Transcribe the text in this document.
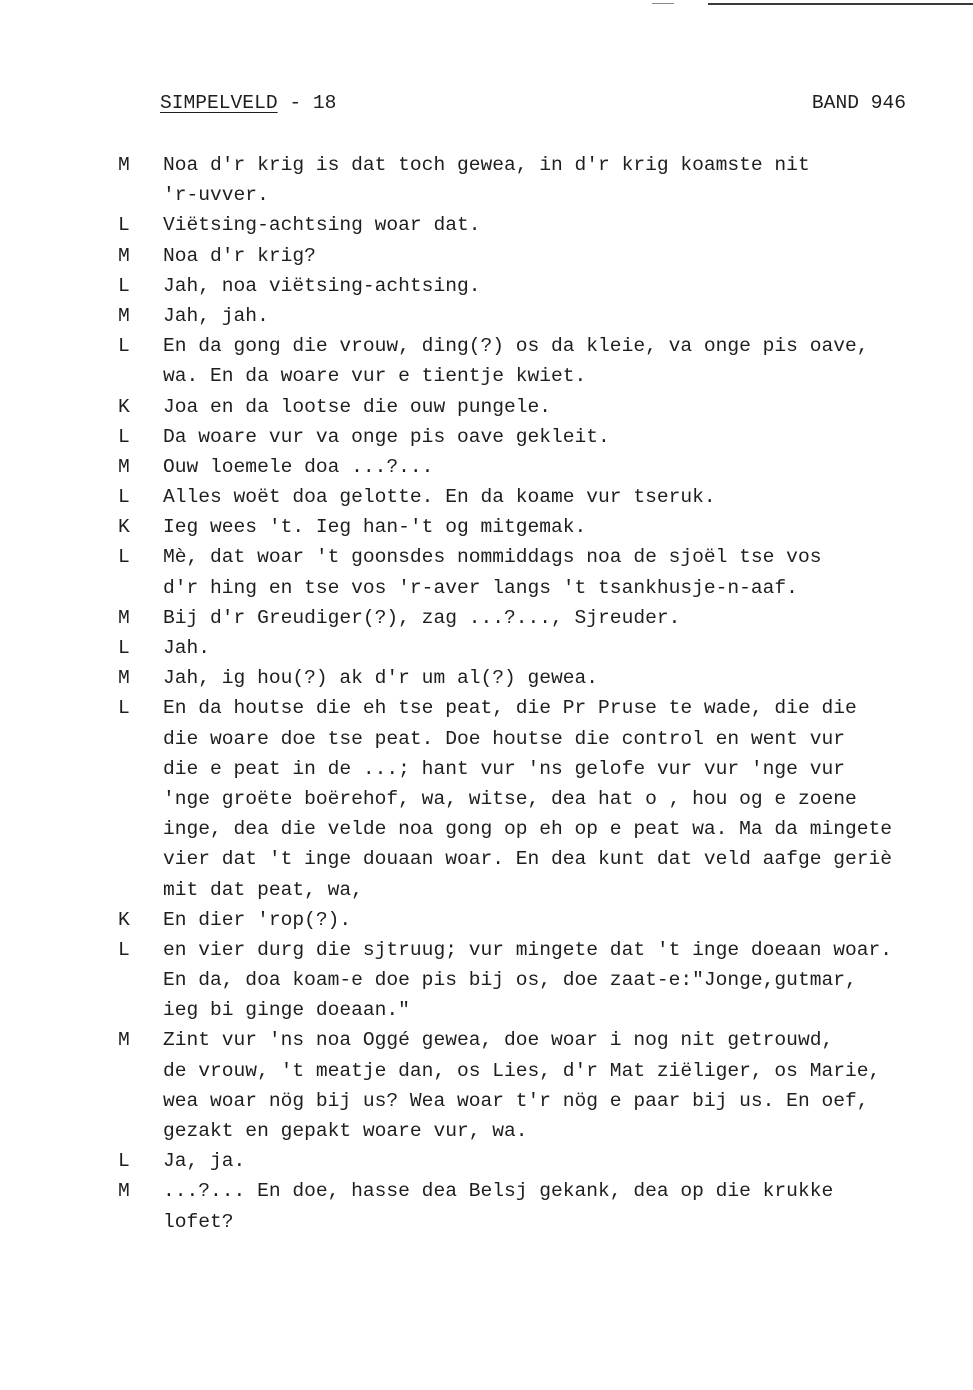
SIMPELVELD - 18	BAND 946
M	Noa d'r krig is dat toch gewea, in d'r krig koamste nit
'r-uvver.
L	Viëtsing-achtsing woar dat.
M	Noa d'r krig?
L	Jah, noa viëtsing-achtsing.
M	Jah, jah.
L	En da gong die vrouw, ding(?) os da kleie, va onge pis oave,
wa. En da woare vur e tientje kwiet.
K	Joa en da lootse die ouw pungele.
L	Da woare vur va onge pis oave gekleit.
M	Ouw loemele doa ...?...
L	Alles woët doa gelotte. En da koame vur tseruk.
K	Ieg wees 't. Ieg han-'t og mitgemak.
L	Mè, dat woar 't goonsdes nommiddags noa de sjoël tse vos
d'r hing en tse vos 'r-aver langs 't tsankhusje-n-aaf.
M	Bij d'r Greudiger(?), zag ...?..., Sjreuder.
L	Jah.
M	Jah, ig hou(?) ak d'r um al(?) gewea.
L	En da houtse die eh tse peat, die Pr Pruse te wade, die die
die woare doe tse peat. Doe houtse die control en went vur
die e peat in de ...; hant vur 'ns gelofe vur vur 'nge vur
'nge groëte boërehof, wa, witse, dea hat o , hou og e zoene
inge, dea die velde noa gong op eh op e peat wa. Ma da mingete
vier dat 't inge douaan woar. En dea kunt dat veld aafge geriè
mit dat peat, wa,
K	En dier 'rop(?).
L	en vier durg die sjtruug; vur mingete dat 't inge doeaan woar.
En da, doa koam-e doe pis bij os, doe zaat-e:"Jonge,gutmar,
ieg bi ginge doeaan."
M	Zint vur 'ns noa Oggé gewea, doe woar i nog nit getrouwd,
de vrouw, 't meatje dan, os Lies, d'r Mat ziëliger, os Marie,
wea woar nög bij us? Wea woar t'r nög e paar bij us. En oef,
gezakt en gepakt woare vur, wa.
L	Ja, ja.
M	...?... En doe, hasse dea Belsj gekank, dea op die krukke
lofet?
